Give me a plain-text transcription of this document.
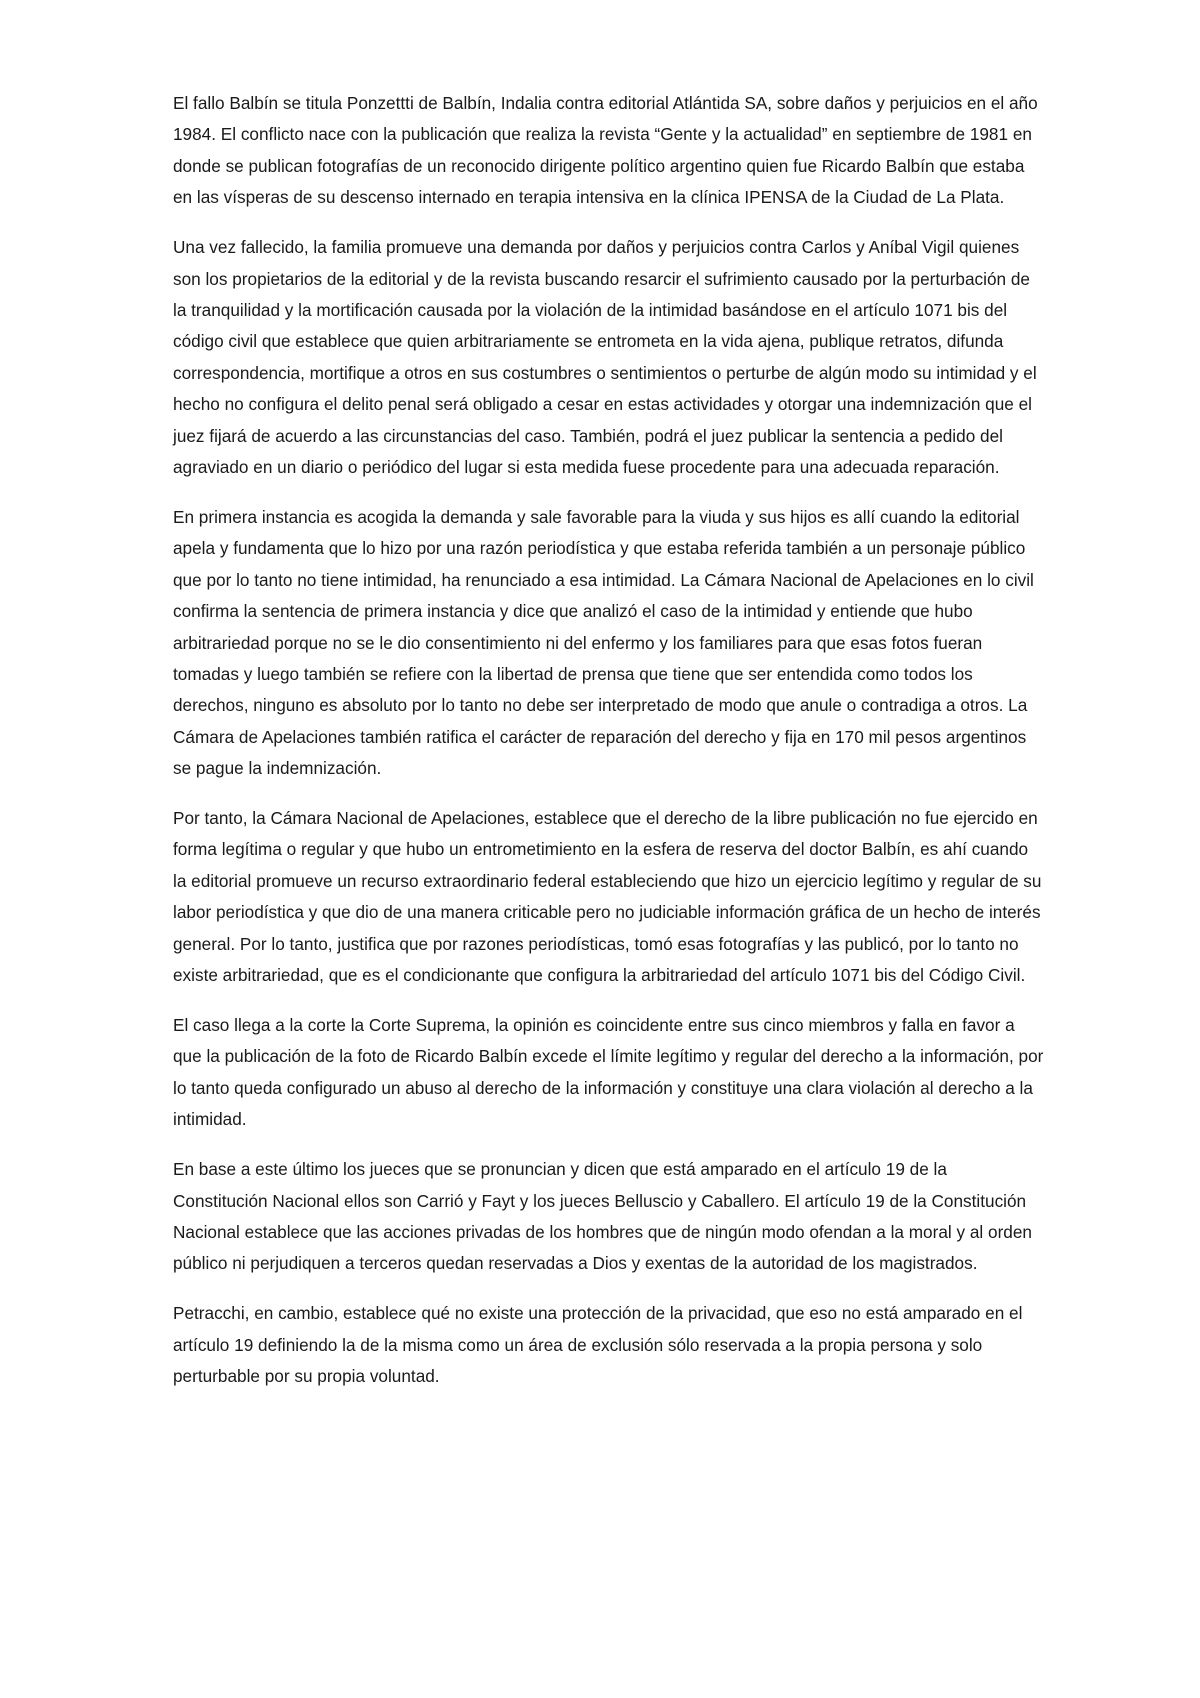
El fallo Balbín se titula Ponzettti de Balbín, Indalia contra editorial Atlántida SA, sobre daños y perjuicios en el año 1984. El conflicto nace con la publicación que realiza la revista “Gente y la actualidad” en septiembre de 1981 en donde se publican fotografías de un reconocido dirigente político argentino quien fue Ricardo Balbín que estaba en las vísperas de su descenso internado en terapia intensiva en la clínica IPENSA de la Ciudad de La Plata.

Una vez fallecido, la familia promueve una demanda por daños y perjuicios contra Carlos y Aníbal Vigil quienes son los propietarios de la editorial y de la revista buscando resarcir el sufrimiento causado por la perturbación de la tranquilidad y la mortificación causada por la violación de la intimidad basándose en el artículo 1071 bis del código civil que establece que quien arbitrariamente se entrometa en la vida ajena, publique retratos, difunda correspondencia, mortifique a otros en sus costumbres o sentimientos o perturbe de algún modo su intimidad y el hecho no configura el delito penal será obligado a cesar en estas actividades y otorgar una indemnización que el juez fijará de acuerdo a las circunstancias del caso. También, podrá el juez publicar la sentencia a pedido del agraviado en un diario o periódico del lugar si esta medida fuese procedente para una adecuada reparación.

En primera instancia es acogida la demanda y sale favorable para la viuda y sus hijos es allí cuando la editorial apela y fundamenta que lo hizo por una razón periodística y que estaba referida también a un personaje público que por lo tanto no tiene intimidad, ha renunciado a esa intimidad. La Cámara Nacional de Apelaciones en lo civil confirma la sentencia de primera instancia y dice que analizó el caso de la intimidad y entiende que hubo arbitrariedad porque no se le dio consentimiento ni del enfermo y los familiares para que esas fotos fueran tomadas y luego también se refiere con la libertad de prensa que tiene que ser entendida como todos los derechos, ninguno es absoluto por lo tanto no debe ser interpretado de modo que anule o contradiga a otros. La Cámara de Apelaciones también ratifica el carácter de reparación del derecho y fija en 170 mil pesos argentinos se pague la indemnización.

Por tanto, la Cámara Nacional de Apelaciones, establece que el derecho de la libre publicación no fue ejercido en forma legítima o regular y que hubo un entrometimiento en la esfera de reserva del doctor Balbín, es ahí cuando la editorial promueve un recurso extraordinario federal estableciendo que hizo un ejercicio legítimo y regular de su labor periodística y que dio de una manera criticable pero no judiciable información gráfica de un hecho de interés general. Por lo tanto, justifica que por razones periodísticas, tomó esas fotografías y las publicó, por lo tanto no existe arbitrariedad, que es el condicionante que configura la arbitrariedad del artículo 1071 bis del Código Civil.

El caso llega a la corte la Corte Suprema, la opinión es coincidente entre sus cinco miembros y falla en favor a que la publicación de la foto de Ricardo Balbín excede el límite legítimo y regular del derecho a la información, por lo tanto queda configurado un abuso al derecho de la información y constituye una clara violación al derecho a la intimidad.

En base a este último los jueces que se pronuncian y dicen que está amparado en el artículo 19 de la Constitución Nacional ellos son Carrió y Fayt y los jueces Belluscio y Caballero. El artículo 19 de la Constitución Nacional establece que las acciones privadas de los hombres que de ningún modo ofendan a la moral y al orden público ni perjudiquen a terceros quedan reservadas a Dios y exentas de la autoridad de los magistrados.

Petracchi, en cambio, establece qué no existe una protección de la privacidad, que eso no está amparado en el artículo 19 definiendo la de la misma como un área de exclusión sólo reservada a la propia persona y solo perturbable por su propia voluntad.
